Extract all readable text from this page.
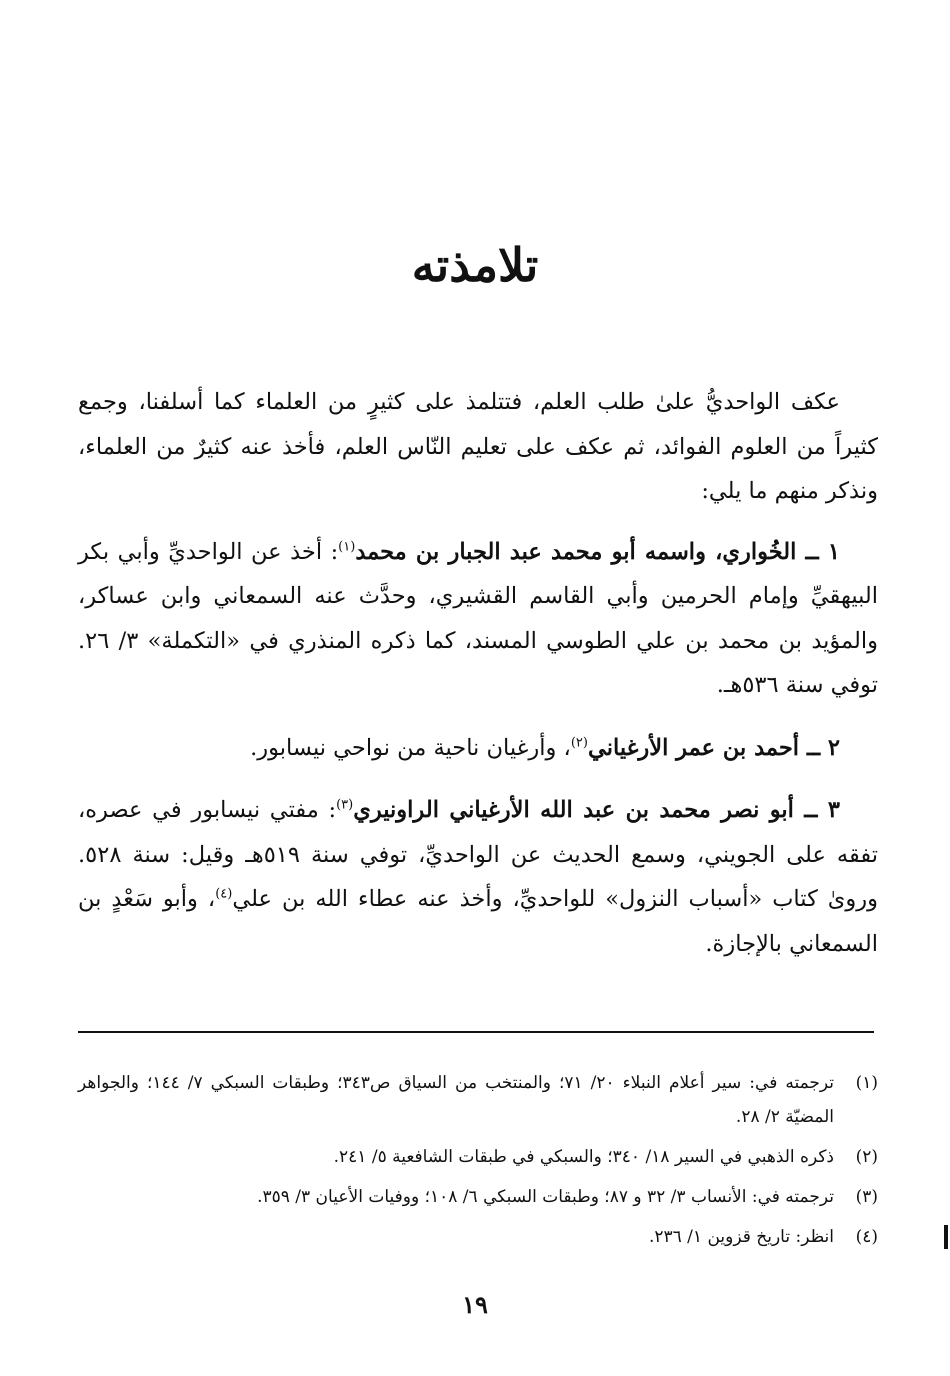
تلامذته

عكف الواحديُّ علىٰ طلب العلم، فتتلمذ على كثيرٍ من العلماء كما أسلفنا، وجمع كثيراً من العلوم الفوائد، ثم عكف على تعليم النّاس العلم، فأخذ عنه كثيرٌ من العلماء، ونذكر منهم ما يلي:

١ ــ الخُواري، واسمه أبو محمد عبد الجبار بن محمد$^{(١)}$: أخذ عن الواحديِّ وأبي بكر البيهقيِّ وإمام الحرمين وأبي القاسم القشيري، وحدَّث عنه السمعاني وابن عساكر، والمؤيد بن محمد بن علي الطوسي المسند، كما ذكره المنذري في «التكملة» ٣/ ٢٦. توفي سنة ٥٣٦هـ.

٢ ــ أحمد بن عمر الأرغياني$^{(٢)}$، وأرغيان ناحية من نواحي نيسابور.

٣ ــ أبو نصر محمد بن عبد الله الأرغياني الراونيري$^{(٣)}$: مفتي نيسابور في عصره، تفقه على الجويني، وسمع الحديث عن الواحديِّ، توفي سنة ٥١٩هـ وقيل: سنة ٥٢٨. وروىٰ كتاب «أسباب النزول» للواحديِّ، وأخذ عنه عطاء الله بن علي$^{(٤)}$، وأبو سَعْدٍ بن السمعاني بالإجازة.

(١)
ترجمته في: سير أعلام النبلاء ٢٠/ ٧١؛ والمنتخب من السياق ص٣٤٣؛ وطبقات السبكي ٧/ ١٤٤؛ والجواهر المضيّة ٢/ ٢٨.
(٢)
ذكره الذهبي في السير ١٨/ ٣٤٠؛ والسبكي في طبقات الشافعية ٥/ ٢٤١.
(٣)
ترجمته في: الأنساب ٣/ ٣٢ و ٨٧؛ وطبقات السبكي ٦/ ١٠٨؛ ووفيات الأعيان ٣/ ٣٥٩.
(٤)
انظر: تاريخ قزوين ١/ ٢٣٦.
١٩
